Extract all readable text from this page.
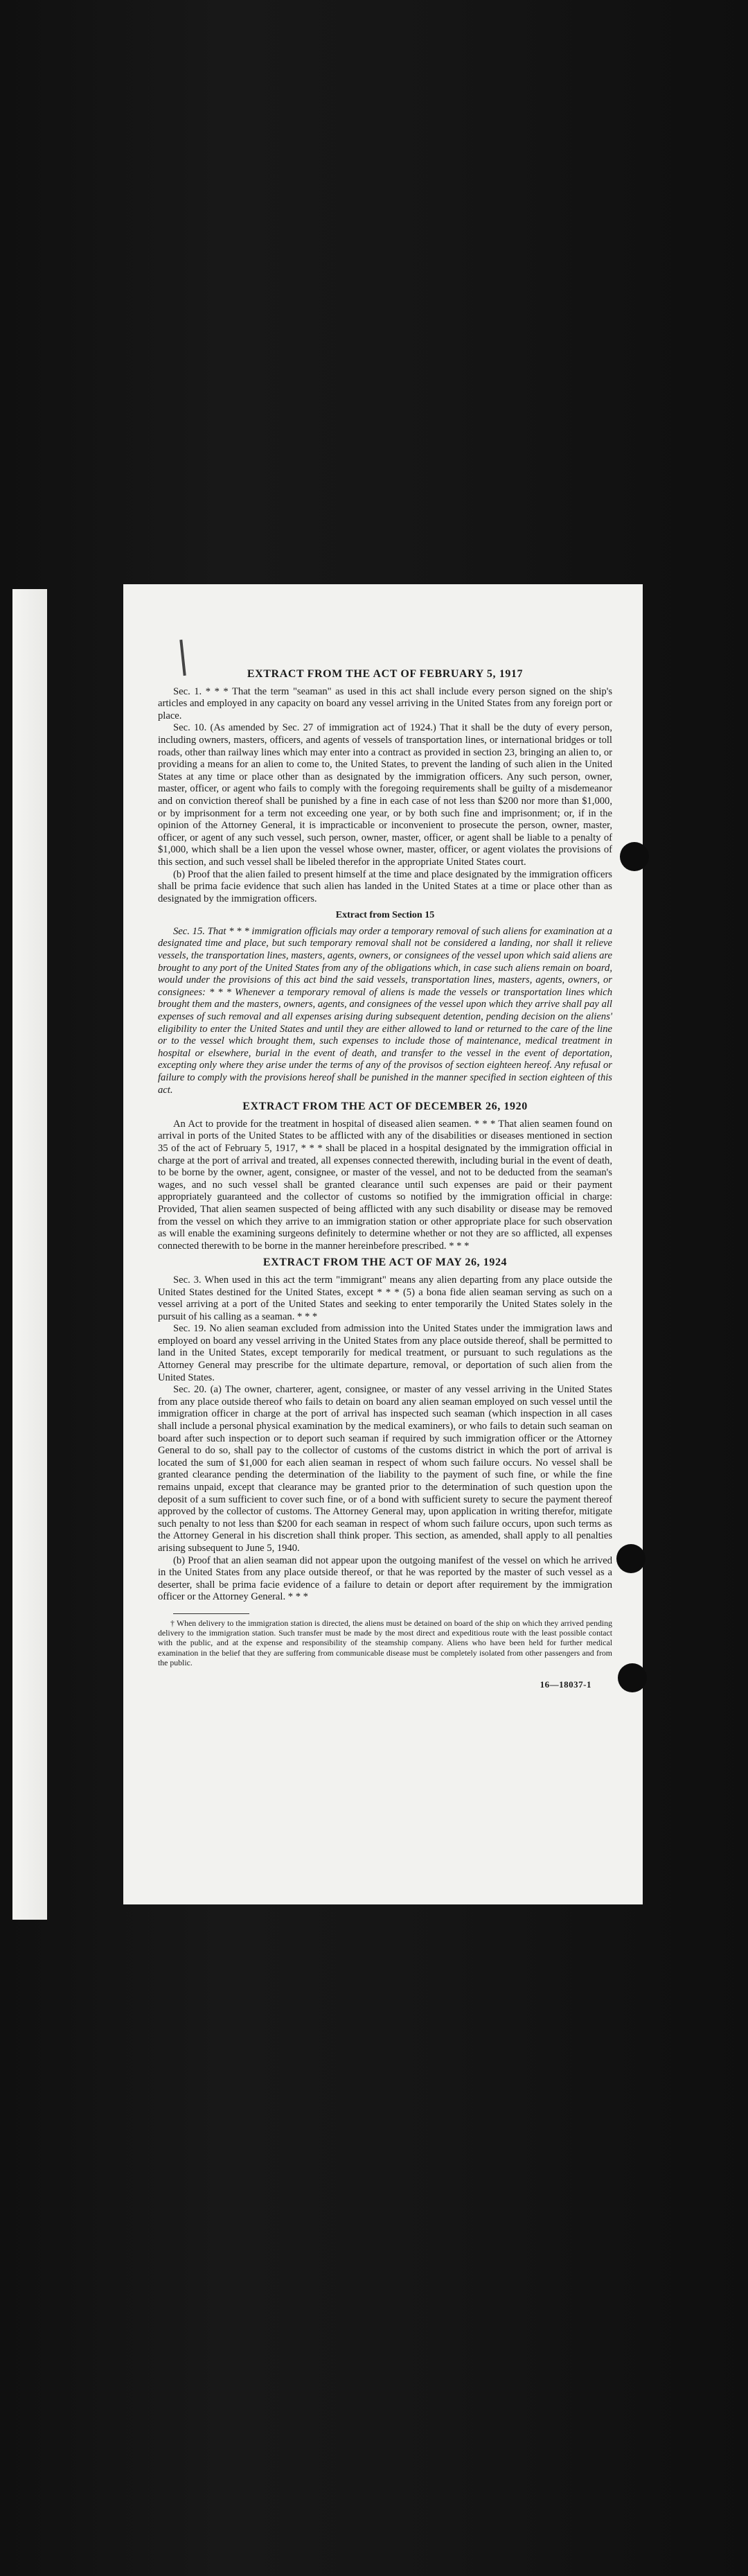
EXTRACT FROM THE ACT OF FEBRUARY 5, 1917

Sec. 1. * * * That the term "seaman" as used in this act shall include every person signed on the ship's articles and employed in any capacity on board any vessel arriving in the United States from any foreign port or place.

Sec. 10. (As amended by Sec. 27 of immigration act of 1924.) That it shall be the duty of every person, including owners, masters, officers, and agents of vessels of transportation lines, or international bridges or toll roads, other than railway lines which may enter into a contract as provided in section 23, bringing an alien to, or providing a means for an alien to come to, the United States, to prevent the landing of such alien in the United States at any time or place other than as designated by the immigration officers. Any such person, owner, master, officer, or agent who fails to comply with the foregoing requirements shall be guilty of a misdemeanor and on conviction thereof shall be punished by a fine in each case of not less than $200 nor more than $1,000, or by imprisonment for a term not exceeding one year, or by both such fine and imprisonment; or, if in the opinion of the Attorney General, it is impracticable or inconvenient to prosecute the person, owner, master, officer, or agent of any such vessel, such person, owner, master, officer, or agent shall be liable to a penalty of $1,000, which shall be a lien upon the vessel whose owner, master, officer, or agent violates the provisions of this section, and such vessel shall be libeled therefor in the appropriate United States court.

(b) Proof that the alien failed to present himself at the time and place designated by the immigration officers shall be prima facie evidence that such alien has landed in the United States at a time or place other than as designated by the immigration officers.

Extract from Section 15

Sec. 15. That * * * immigration officials may order a temporary removal of such aliens for examination at a designated time and place, but such temporary removal shall not be considered a landing, nor shall it relieve vessels, the transportation lines, masters, agents, owners, or consignees of the vessel upon which said aliens are brought to any port of the United States from any of the obligations which, in case such aliens remain on board, would under the provisions of this act bind the said vessels, transportation lines, masters, agents, owners, or consignees: * * * Whenever a temporary removal of aliens is made the vessels or transportation lines which brought them and the masters, owners, agents, and consignees of the vessel upon which they arrive shall pay all expenses of such removal and all expenses arising during subsequent detention, pending decision on the aliens' eligibility to enter the United States and until they are either allowed to land or returned to the care of the line or to the vessel which brought them, such expenses to include those of maintenance, medical treatment in hospital or elsewhere, burial in the event of death, and transfer to the vessel in the event of deportation, excepting only where they arise under the terms of any of the provisos of section eighteen hereof. Any refusal or failure to comply with the provisions hereof shall be punished in the manner specified in section eighteen of this act.

EXTRACT FROM THE ACT OF DECEMBER 26, 1920

An Act to provide for the treatment in hospital of diseased alien seamen. * * * That alien seamen found on arrival in ports of the United States to be afflicted with any of the disabilities or diseases mentioned in section 35 of the act of February 5, 1917, * * * shall be placed in a hospital designated by the immigration official in charge at the port of arrival and treated, all expenses connected therewith, including burial in the event of death, to be borne by the owner, agent, consignee, or master of the vessel, and not to be deducted from the seaman's wages, and no such vessel shall be granted clearance until such expenses are paid or their payment appropriately guaranteed and the collector of customs so notified by the immigration official in charge: Provided, That alien seamen suspected of being afflicted with any such disability or disease may be removed from the vessel on which they arrive to an immigration station or other appropriate place for such observation as will enable the examining surgeons definitely to determine whether or not they are so afflicted, all expenses connected therewith to be borne in the manner hereinbefore prescribed. * * *

EXTRACT FROM THE ACT OF MAY 26, 1924

Sec. 3. When used in this act the term "immigrant" means any alien departing from any place outside the United States destined for the United States, except * * * (5) a bona fide alien seaman serving as such on a vessel arriving at a port of the United States and seeking to enter temporarily the United States solely in the pursuit of his calling as a seaman. * * *

Sec. 19. No alien seaman excluded from admission into the United States under the immigration laws and employed on board any vessel arriving in the United States from any place outside thereof, shall be permitted to land in the United States, except temporarily for medical treatment, or pursuant to such regulations as the Attorney General may prescribe for the ultimate departure, removal, or deportation of such alien from the United States.

Sec. 20. (a) The owner, charterer, agent, consignee, or master of any vessel arriving in the United States from any place outside thereof who fails to detain on board any alien seaman employed on such vessel until the immigration officer in charge at the port of arrival has inspected such seaman (which inspection in all cases shall include a personal physical examination by the medical examiners), or who fails to detain such seaman on board after such inspection or to deport such seaman if required by such immigration officer or the Attorney General to do so, shall pay to the collector of customs of the customs district in which the port of arrival is located the sum of $1,000 for each alien seaman in respect of whom such failure occurs. No vessel shall be granted clearance pending the determination of the liability to the payment of such fine, or while the fine remains unpaid, except that clearance may be granted prior to the determination of such question upon the deposit of a sum sufficient to cover such fine, or of a bond with sufficient surety to secure the payment thereof approved by the collector of customs. The Attorney General may, upon application in writing therefor, mitigate such penalty to not less than $200 for each seaman in respect of whom such failure occurs, upon such terms as the Attorney General in his discretion shall think proper. This section, as amended, shall apply to all penalties arising subsequent to June 5, 1940.

(b) Proof that an alien seaman did not appear upon the outgoing manifest of the vessel on which he arrived in the United States from any place outside thereof, or that he was reported by the master of such vessel as a deserter, shall be prima facie evidence of a failure to detain or deport after requirement by the immigration officer or the Attorney General. * * *

† When delivery to the immigration station is directed, the aliens must be detained on board of the ship on which they arrived pending delivery to the immigration station. Such transfer must be made by the most direct and expeditious route with the least possible contact with the public, and at the expense and responsibility of the steamship company. Aliens who have been held for further medical examination in the belief that they are suffering from communicable disease must be completely isolated from other passengers and from the public.

16—18037-1
